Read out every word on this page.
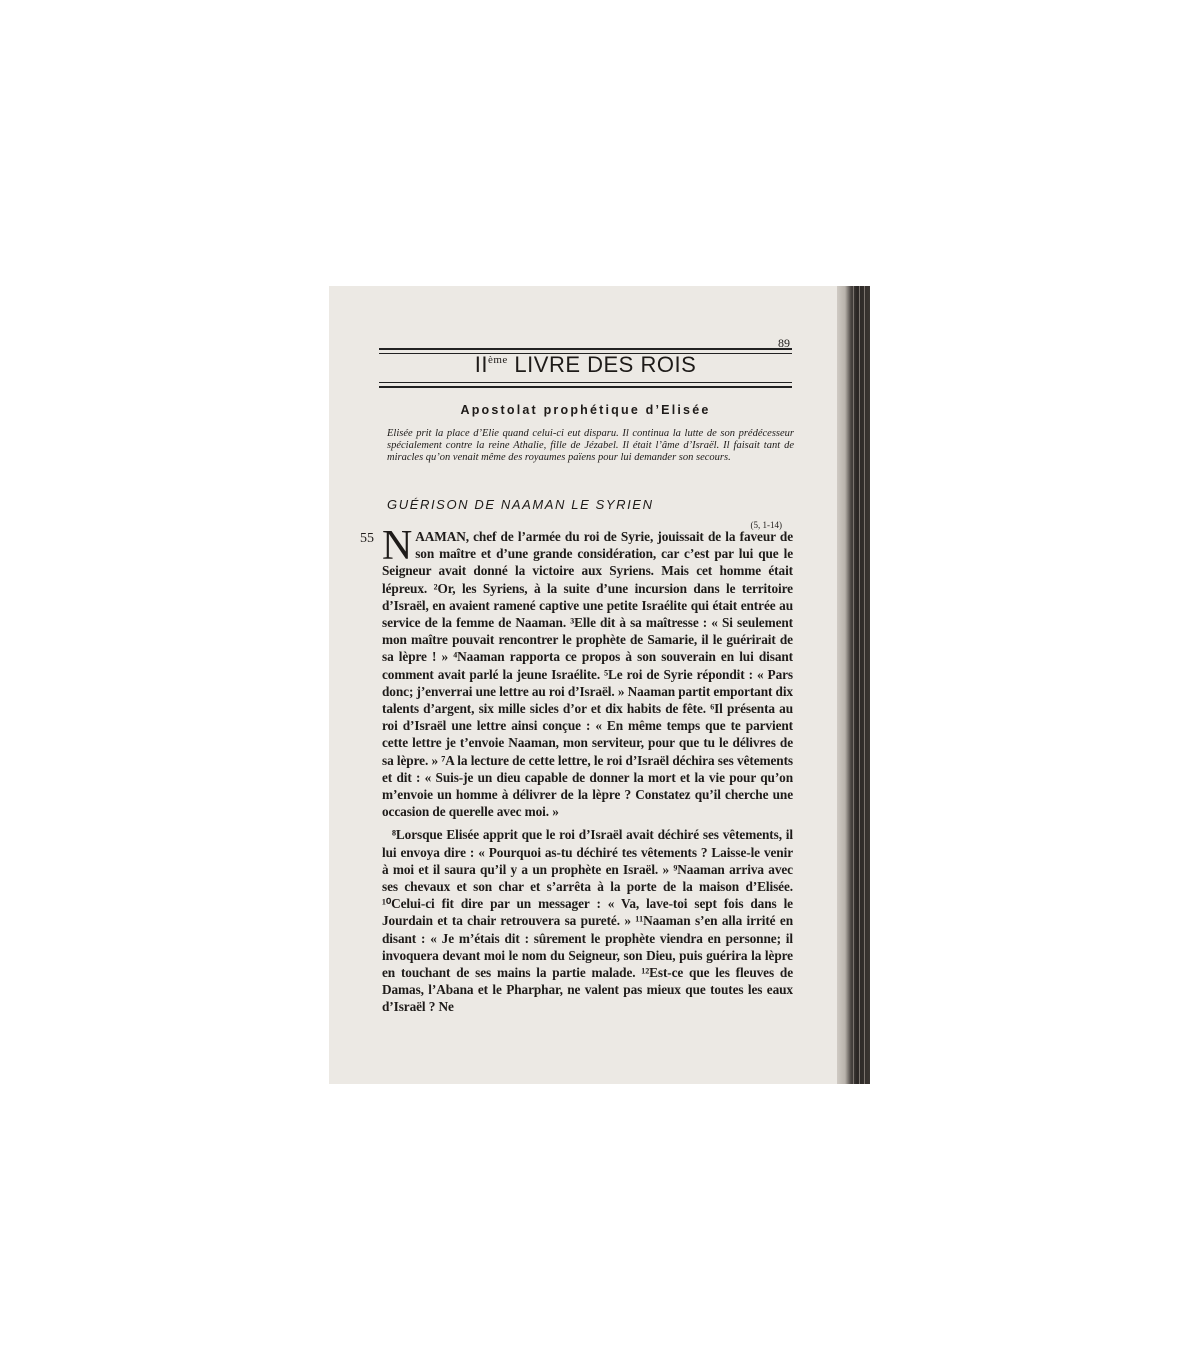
89
IIème LIVRE DES ROIS
Apostolat prophétique d’Elisée
Elisée prit la place d’Elie quand celui-ci eut disparu. Il continua la lutte de son prédécesseur spécialement contre la reine Athalie, fille de Jézabel. Il était l’âme d’Israël. Il faisait tant de miracles qu’on venait même des royaumes païens pour lui demander son secours.
GUÉRISON DE NAAMAN LE SYRIEN
(5, 1-14)
55 NAAMAN, chef de l’armée du roi de Syrie, jouissait de la faveur de son maître et d’une grande considération, car c’est par lui que le Seigneur avait donné la victoire aux Syriens. Mais cet homme était lépreux. ²Or, les Syriens, à la suite d’une incursion dans le territoire d’Israël, en avaient ramené captive une petite Israélite qui était entrée au service de la femme de Naaman. ³Elle dit à sa maîtresse : « Si seulement mon maître pouvait rencontrer le prophète de Samarie, il le guérirait de sa lèpre ! » ⁴Naaman rapporta ce propos à son souverain en lui disant comment avait parlé la jeune Israélite. ⁵Le roi de Syrie répondit : « Pars donc; j’enverrai une lettre au roi d’Israël. » Naaman partit emportant dix talents d’argent, six mille sicles d’or et dix habits de fête. ⁶Il présenta au roi d’Israël une lettre ainsi conçue : « En même temps que te parvient cette lettre je t’envoie Naaman, mon serviteur, pour que tu le délivres de sa lèpre. » ⁷A la lecture de cette lettre, le roi d’Israël déchira ses vêtements et dit : « Suis-je un dieu capable de donner la mort et la vie pour qu’on m’envoie un homme à délivrer de la lèpre ? Constatez qu’il cherche une occasion de querelle avec moi. »

⁸Lorsque Elisée apprit que le roi d’Israël avait déchiré ses vêtements, il lui envoya dire : « Pourquoi as-tu déchiré tes vêtements ? Laisse-le venir à moi et il saura qu’il y a un prophète en Israël. » ⁹Naaman arriva avec ses chevaux et son char et s’arrêta à la porte de la maison d’Elisée. ¹⁰Celui-ci fit dire par un messager : « Va, lave-toi sept fois dans le Jourdain et ta chair retrouvera sa pureté. » ¹¹Naaman s’en alla irrité en disant : « Je m’étais dit : sûrement le prophète viendra en personne; il invoquera devant moi le nom du Seigneur, son Dieu, puis guérira la lèpre en touchant de ses mains la partie malade. ¹²Est-ce que les fleuves de Damas, l’Abana et le Pharphar, ne valent pas mieux que toutes les eaux d’Israël ? Ne
